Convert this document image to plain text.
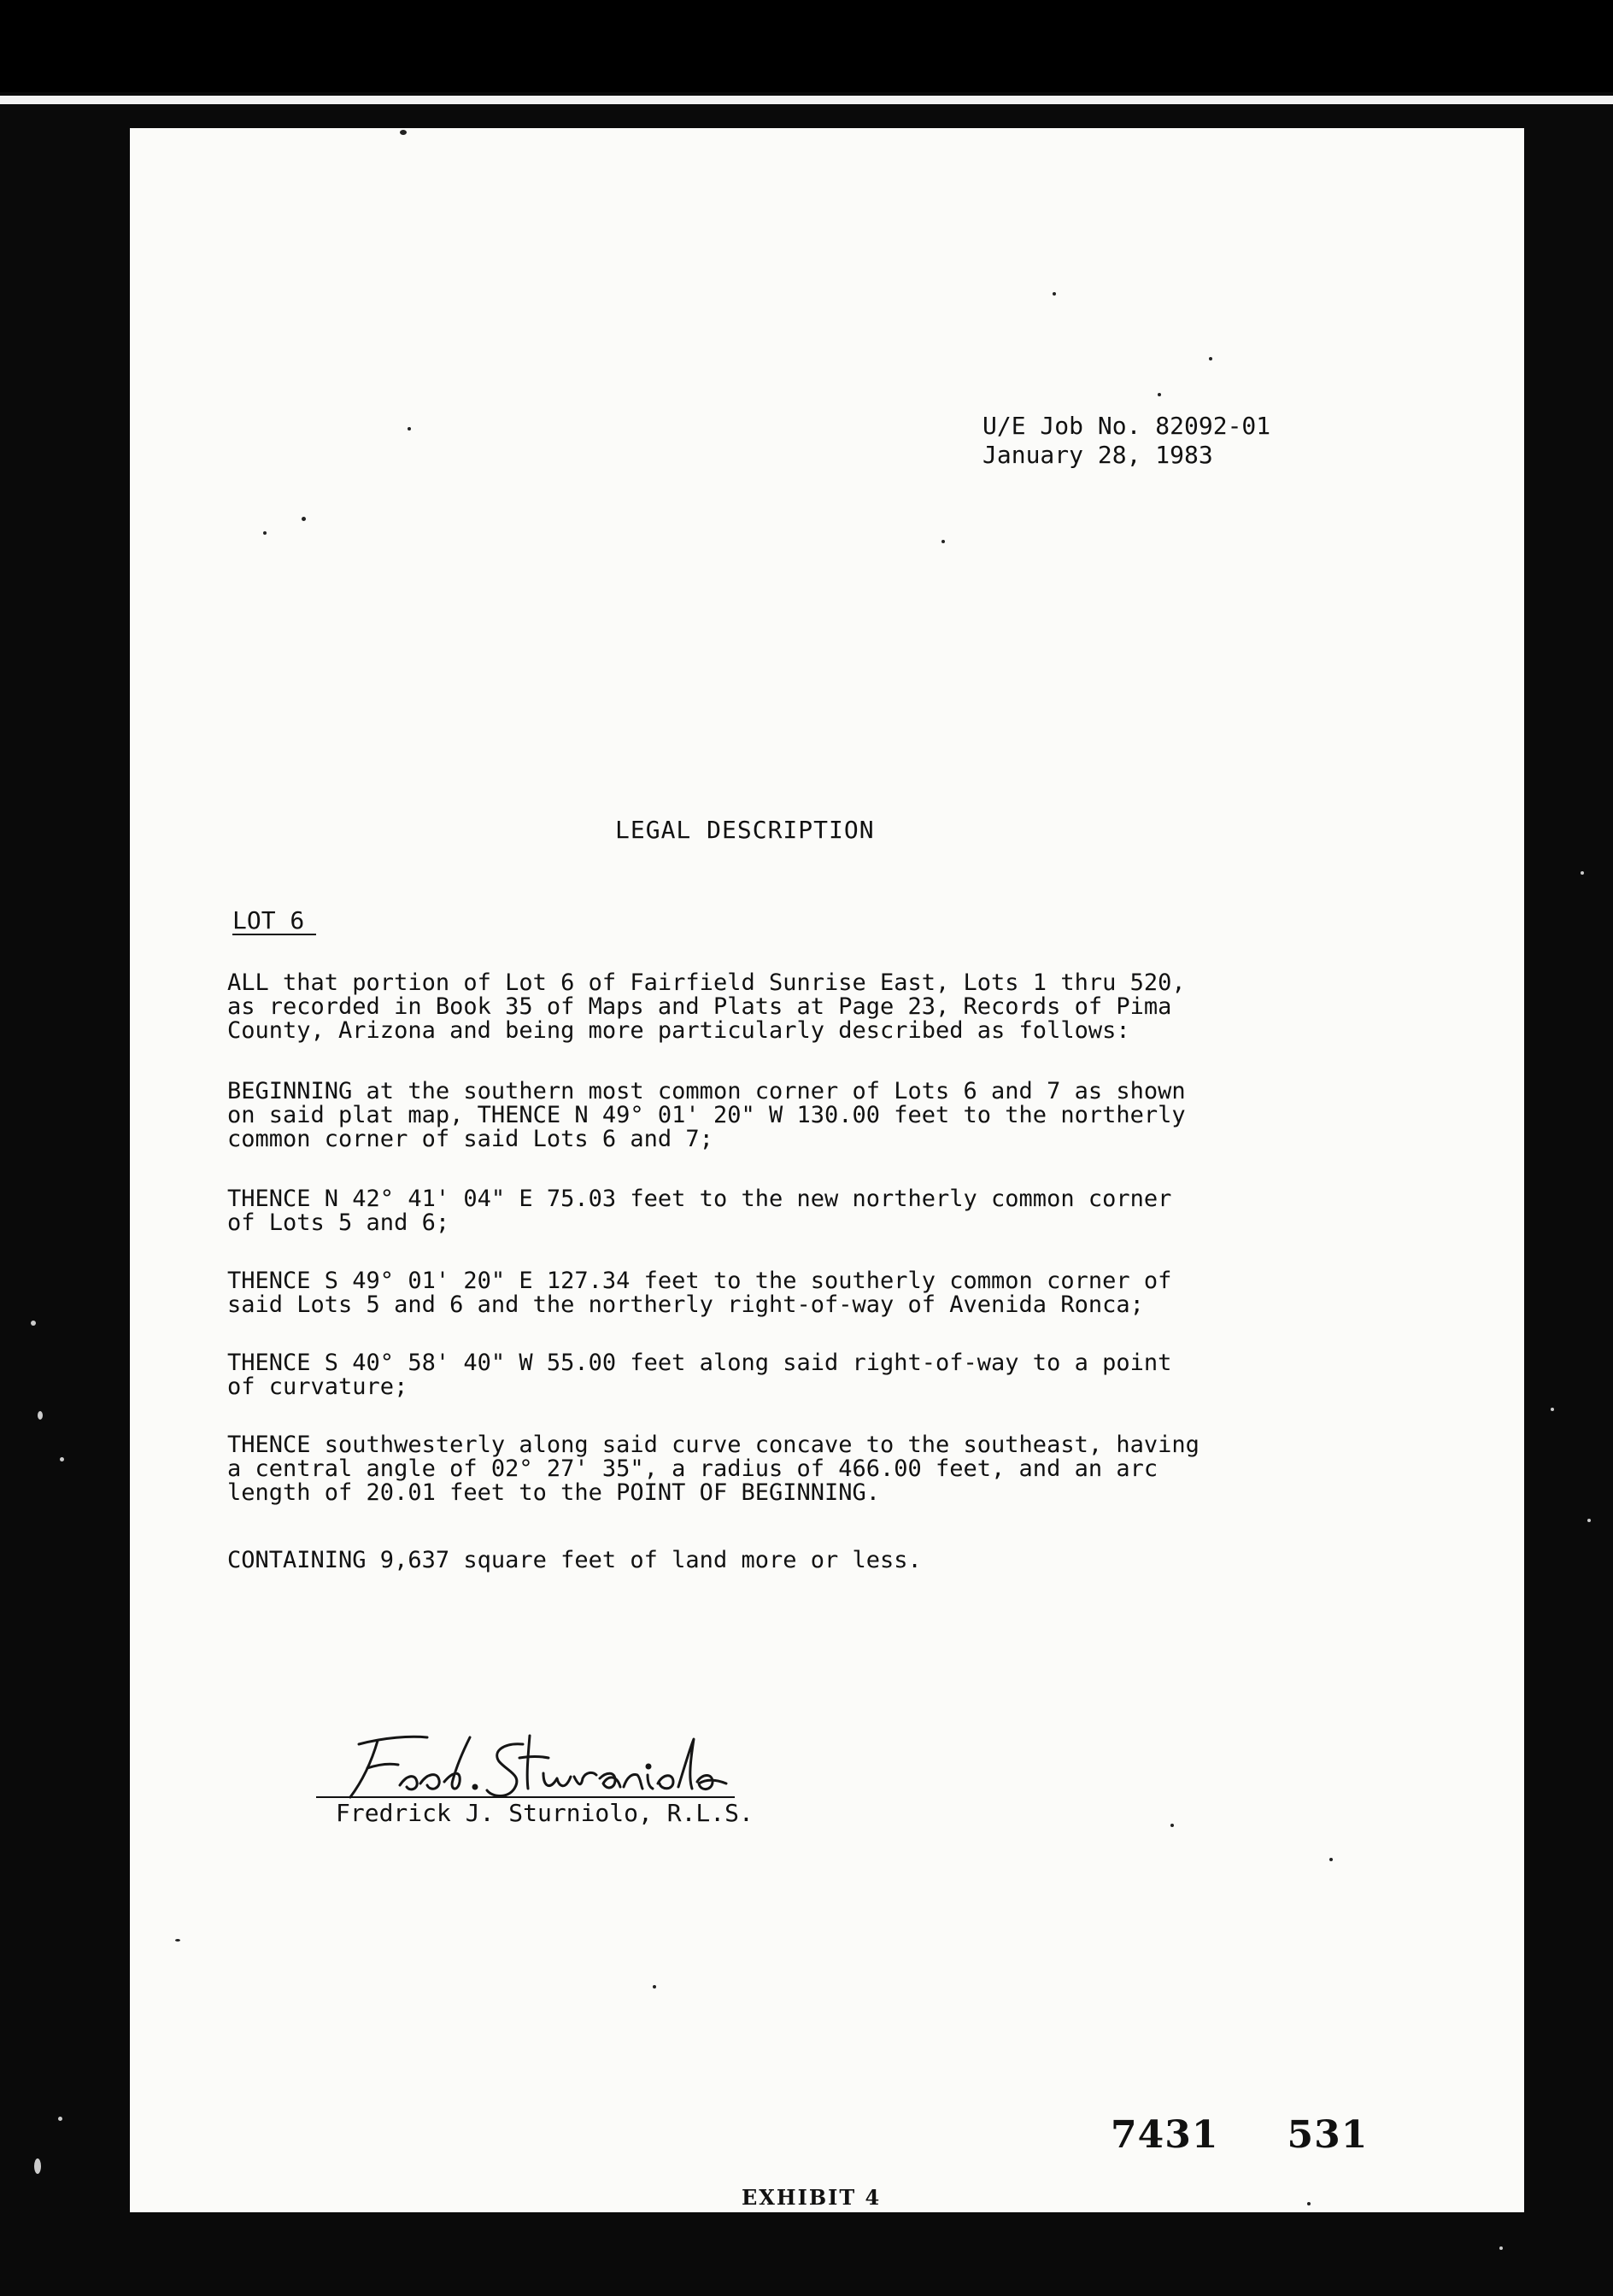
U/E Job No. 82092-01
January 28, 1983
LEGAL DESCRIPTION
LOT 6
ALL that portion of Lot 6 of Fairfield Sunrise East, Lots 1 thru 520,
as recorded in Book 35 of Maps and Plats at Page 23, Records of Pima
County, Arizona and being more particularly described as follows:
BEGINNING at the southern most common corner of Lots 6 and 7 as shown
on said plat map, THENCE N 49° 01' 20" W 130.00 feet to the northerly
common corner of said Lots 6 and 7;
THENCE N 42° 41' 04" E 75.03 feet to the new northerly common corner
of Lots 5 and 6;
THENCE S 49° 01' 20" E 127.34 feet to the southerly common corner of
said Lots 5 and 6 and the northerly right-of-way of Avenida Ronca;
THENCE S 40° 58' 40" W 55.00 feet along said right-of-way to a point
of curvature;
THENCE southwesterly along said curve concave to the southeast, having
a central angle of 02° 27' 35", a radius of 466.00 feet, and an arc
length of 20.01 feet to the POINT OF BEGINNING.
CONTAINING 9,637 square feet of land more or less.
Fredrick J. Sturniolo, R.L.S.
7431 531
EXHIBIT 4
